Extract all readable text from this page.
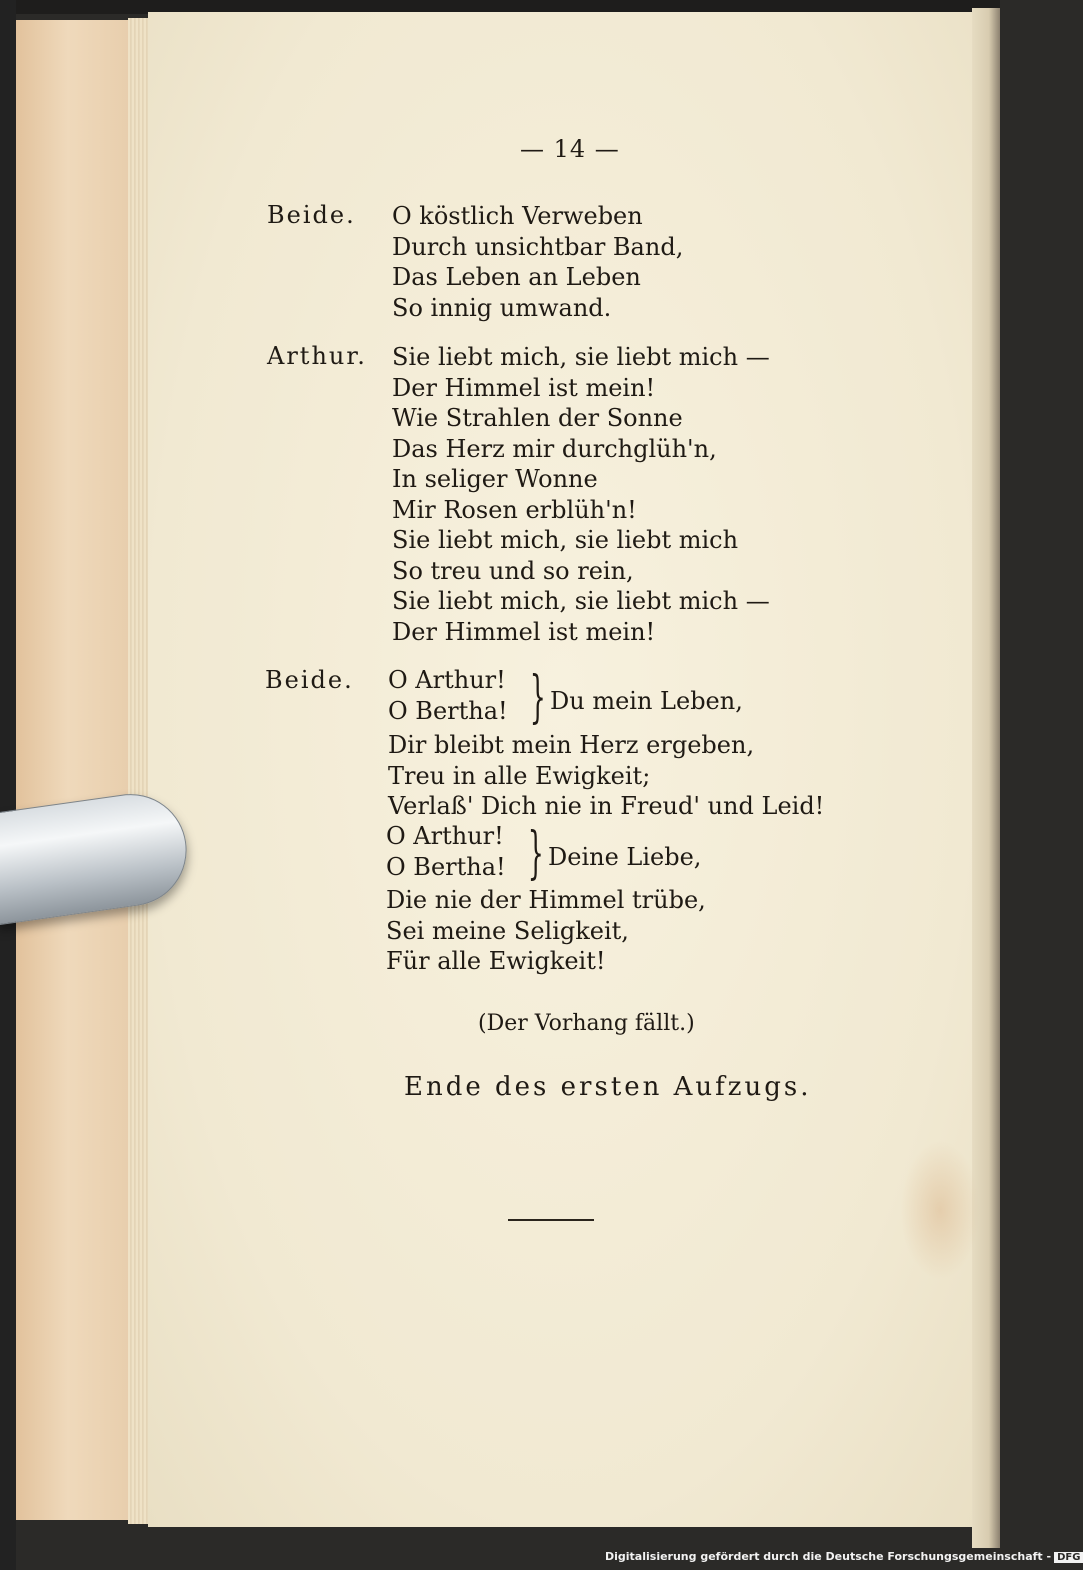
— 14 —
Beide. O köstlich Verweben
Durch unsichtbar Band,
Das Leben an Leben
So innig umwand.
Arthur. Sie liebt mich, sie liebt mich —
Der Himmel ist mein!
Wie Strahlen der Sonne
Das Herz mir durchglüh'n,
In seliger Wonne
Mir Rosen erblüh'n!
Sie liebt mich, sie liebt mich
So treu und so rein,
Sie liebt mich, sie liebt mich —
Der Himmel ist mein!
Beide. O Arthur!
O Bertha! } Du mein Leben,
Dir bleibt mein Herz ergeben,
Treu in alle Ewigkeit;
Verlaß' Dich nie in Freud' und Leid!
O Arthur!
O Bertha! } Deine Liebe,
Die nie der Himmel trübe,
Sei meine Seligkeit,
Für alle Ewigkeit!
(Der Vorhang fällt.)
Ende des ersten Aufzugs.
Digitalisierung gefördert durch die Deutsche Forschungsgemeinschaft - DFG
